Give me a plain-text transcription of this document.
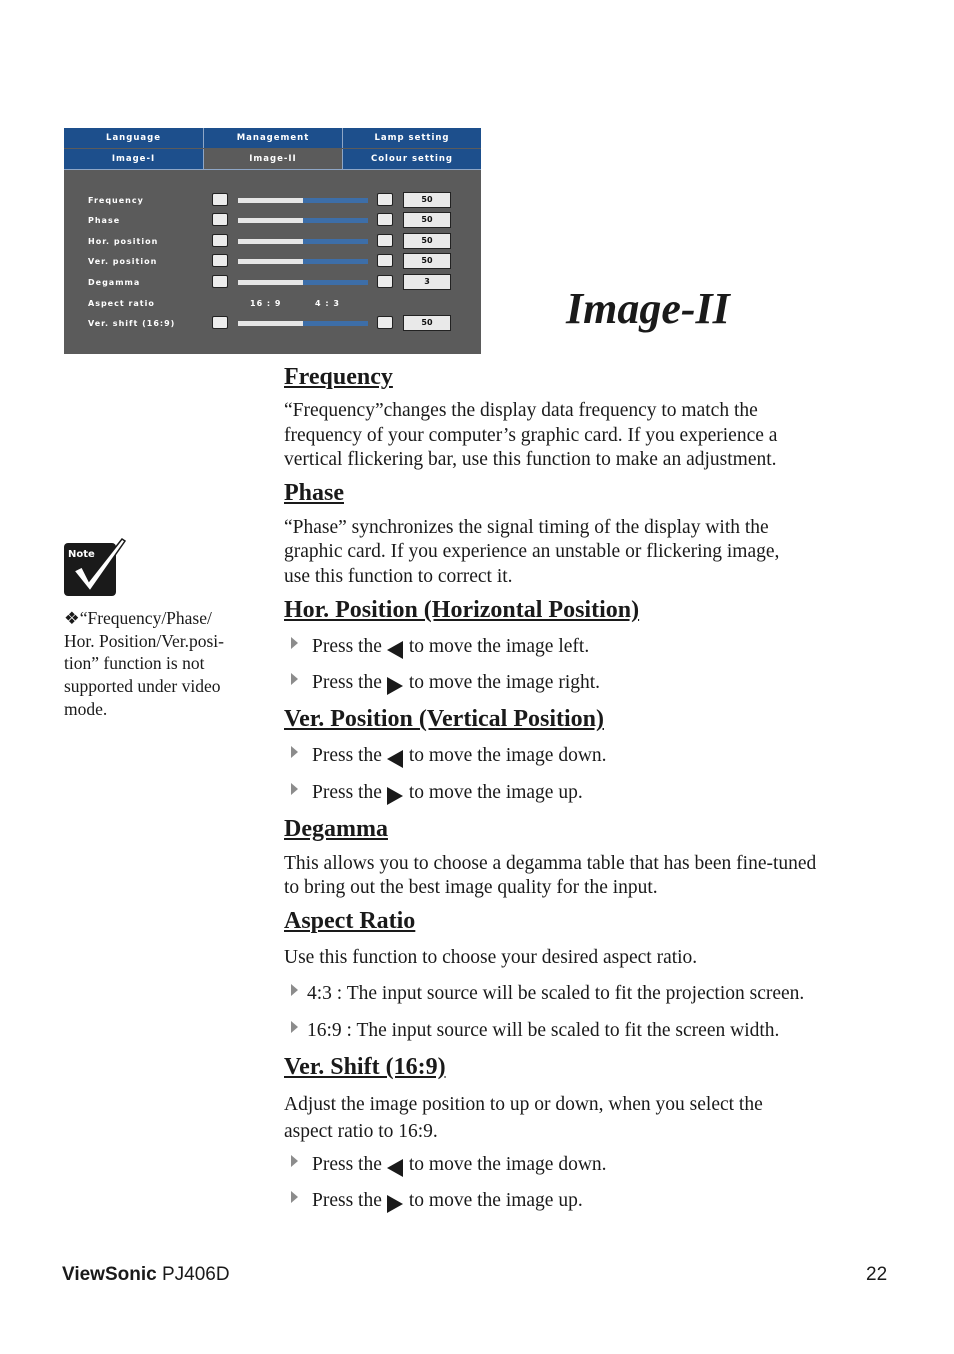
Language	Management	Lamp setting
Image-I	Image-II	Colour setting
Frequency	50
Phase	50
Hor. position	50
Ver. position	50
Degamma	3
Aspect ratio	16 : 9	4 : 3
Ver. shift (16:9)	50	Image-II
Frequency

“Frequency”changes the display data frequency to match the

frequency of your computer’s graphic card. If you experience a

vertical flickering bar, use this function to make an adjustment.

Phase

“Phase” synchronizes the signal timing of the display with the

graphic card. If you experience an unstable or flickering image,

use this function to correct it.

Hor. Position (Horizontal Position)
Press the to move the image left.
Press the to move the image right.
Ver. Position (Vertical Position)
Press the to move the image down.
Press the to move the image up.
Degamma

This allows you to choose a degamma table that has been fine-tuned

to bring out the best image quality for the input.

Aspect Ratio

Use this function to choose your desired aspect ratio.

4:3 : The input source will be scaled to fit the projection screen.
16:9 : The input source will be scaled to fit the screen width.
Ver. Shift (16:9)

Adjust the image position to up or down, when you select the

aspect ratio to 16:9.

Press the to move the image down.
Press the to move the image up.
Note

❖“Frequency/Phase/
Hor. Position/Ver.posi-
tion” function is not
supported under video
mode.

ViewSonic PJ406D	22
